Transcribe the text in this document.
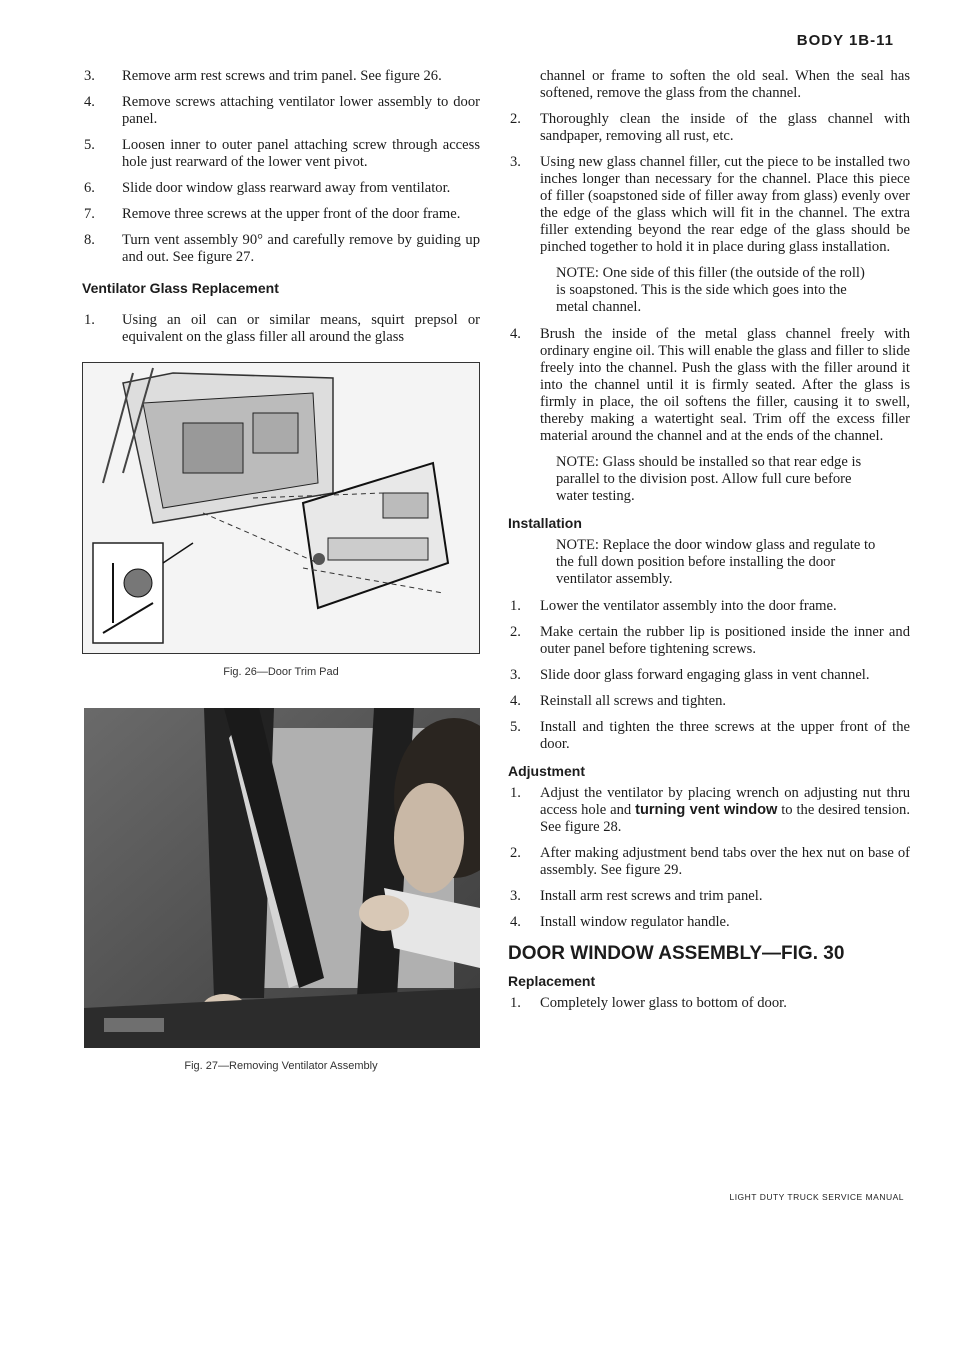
BODY 1B-11
3.	Remove arm rest screws and trim panel. See figure 26.
4.	Remove screws attaching ventilator lower assembly to door panel.
5.	Loosen inner to outer panel attaching screw through access hole just rearward of the lower vent pivot.
6.	Slide door window glass rearward away from ventilator.
7.	Remove three screws at the upper front of the door frame.
8.	Turn vent assembly 90° and carefully remove by guiding up and out. See figure 27.
Ventilator Glass Replacement
1.	Using an oil can or similar means, squirt prepsol or equivalent on the glass filler all around the glass
Fig. 26—Door Trim Pad
Fig. 27—Removing Ventilator Assembly
channel or frame to soften the old seal. When the seal has softened, remove the glass from the channel.
2.	Thoroughly clean the inside of the glass channel with sandpaper, removing all rust, etc.
3.	Using new glass channel filler, cut the piece to be installed two inches longer than necessary for the channel. Place this piece of filler (soapstoned side of filler away from glass) evenly over the edge of the glass which will fit in the channel. The extra filler extending beyond the rear edge of the glass should be pinched together to hold it in place during glass installation.
NOTE: One side of this filler (the outside of the roll) is soapstoned. This is the side which goes into the metal channel.
4.	Brush the inside of the metal glass channel freely with ordinary engine oil. This will enable the glass and filler to slide freely into the channel. Push the glass with the filler around it into the channel until it is firmly seated. After the glass is firmly in place, the oil softens the filler, causing it to swell, thereby making a watertight seal. Trim off the excess filler material around the channel and at the ends of the channel.
NOTE: Glass should be installed so that rear edge is parallel to the division post. Allow full cure before water testing.
Installation
NOTE: Replace the door window glass and regulate to the full down position before installing the door ventilator assembly.
1.	Lower the ventilator assembly into the door frame.
2.	Make certain the rubber lip is positioned inside the inner and outer panel before tightening screws.
3.	Slide door glass forward engaging glass in vent channel.
4.	Reinstall all screws and tighten.
5.	Install and tighten the three screws at the upper front of the door.
Adjustment
1.	Adjust the ventilator by placing wrench on adjusting nut thru access hole and turning vent window to the desired tension. See figure 28.
2.	After making adjustment bend tabs over the hex nut on base of assembly. See figure 29.
3.	Install arm rest screws and trim panel.
4.	Install window regulator handle.
DOOR WINDOW ASSEMBLY—FIG. 30
Replacement
1.	Completely lower glass to bottom of door.
LIGHT DUTY TRUCK SERVICE MANUAL
